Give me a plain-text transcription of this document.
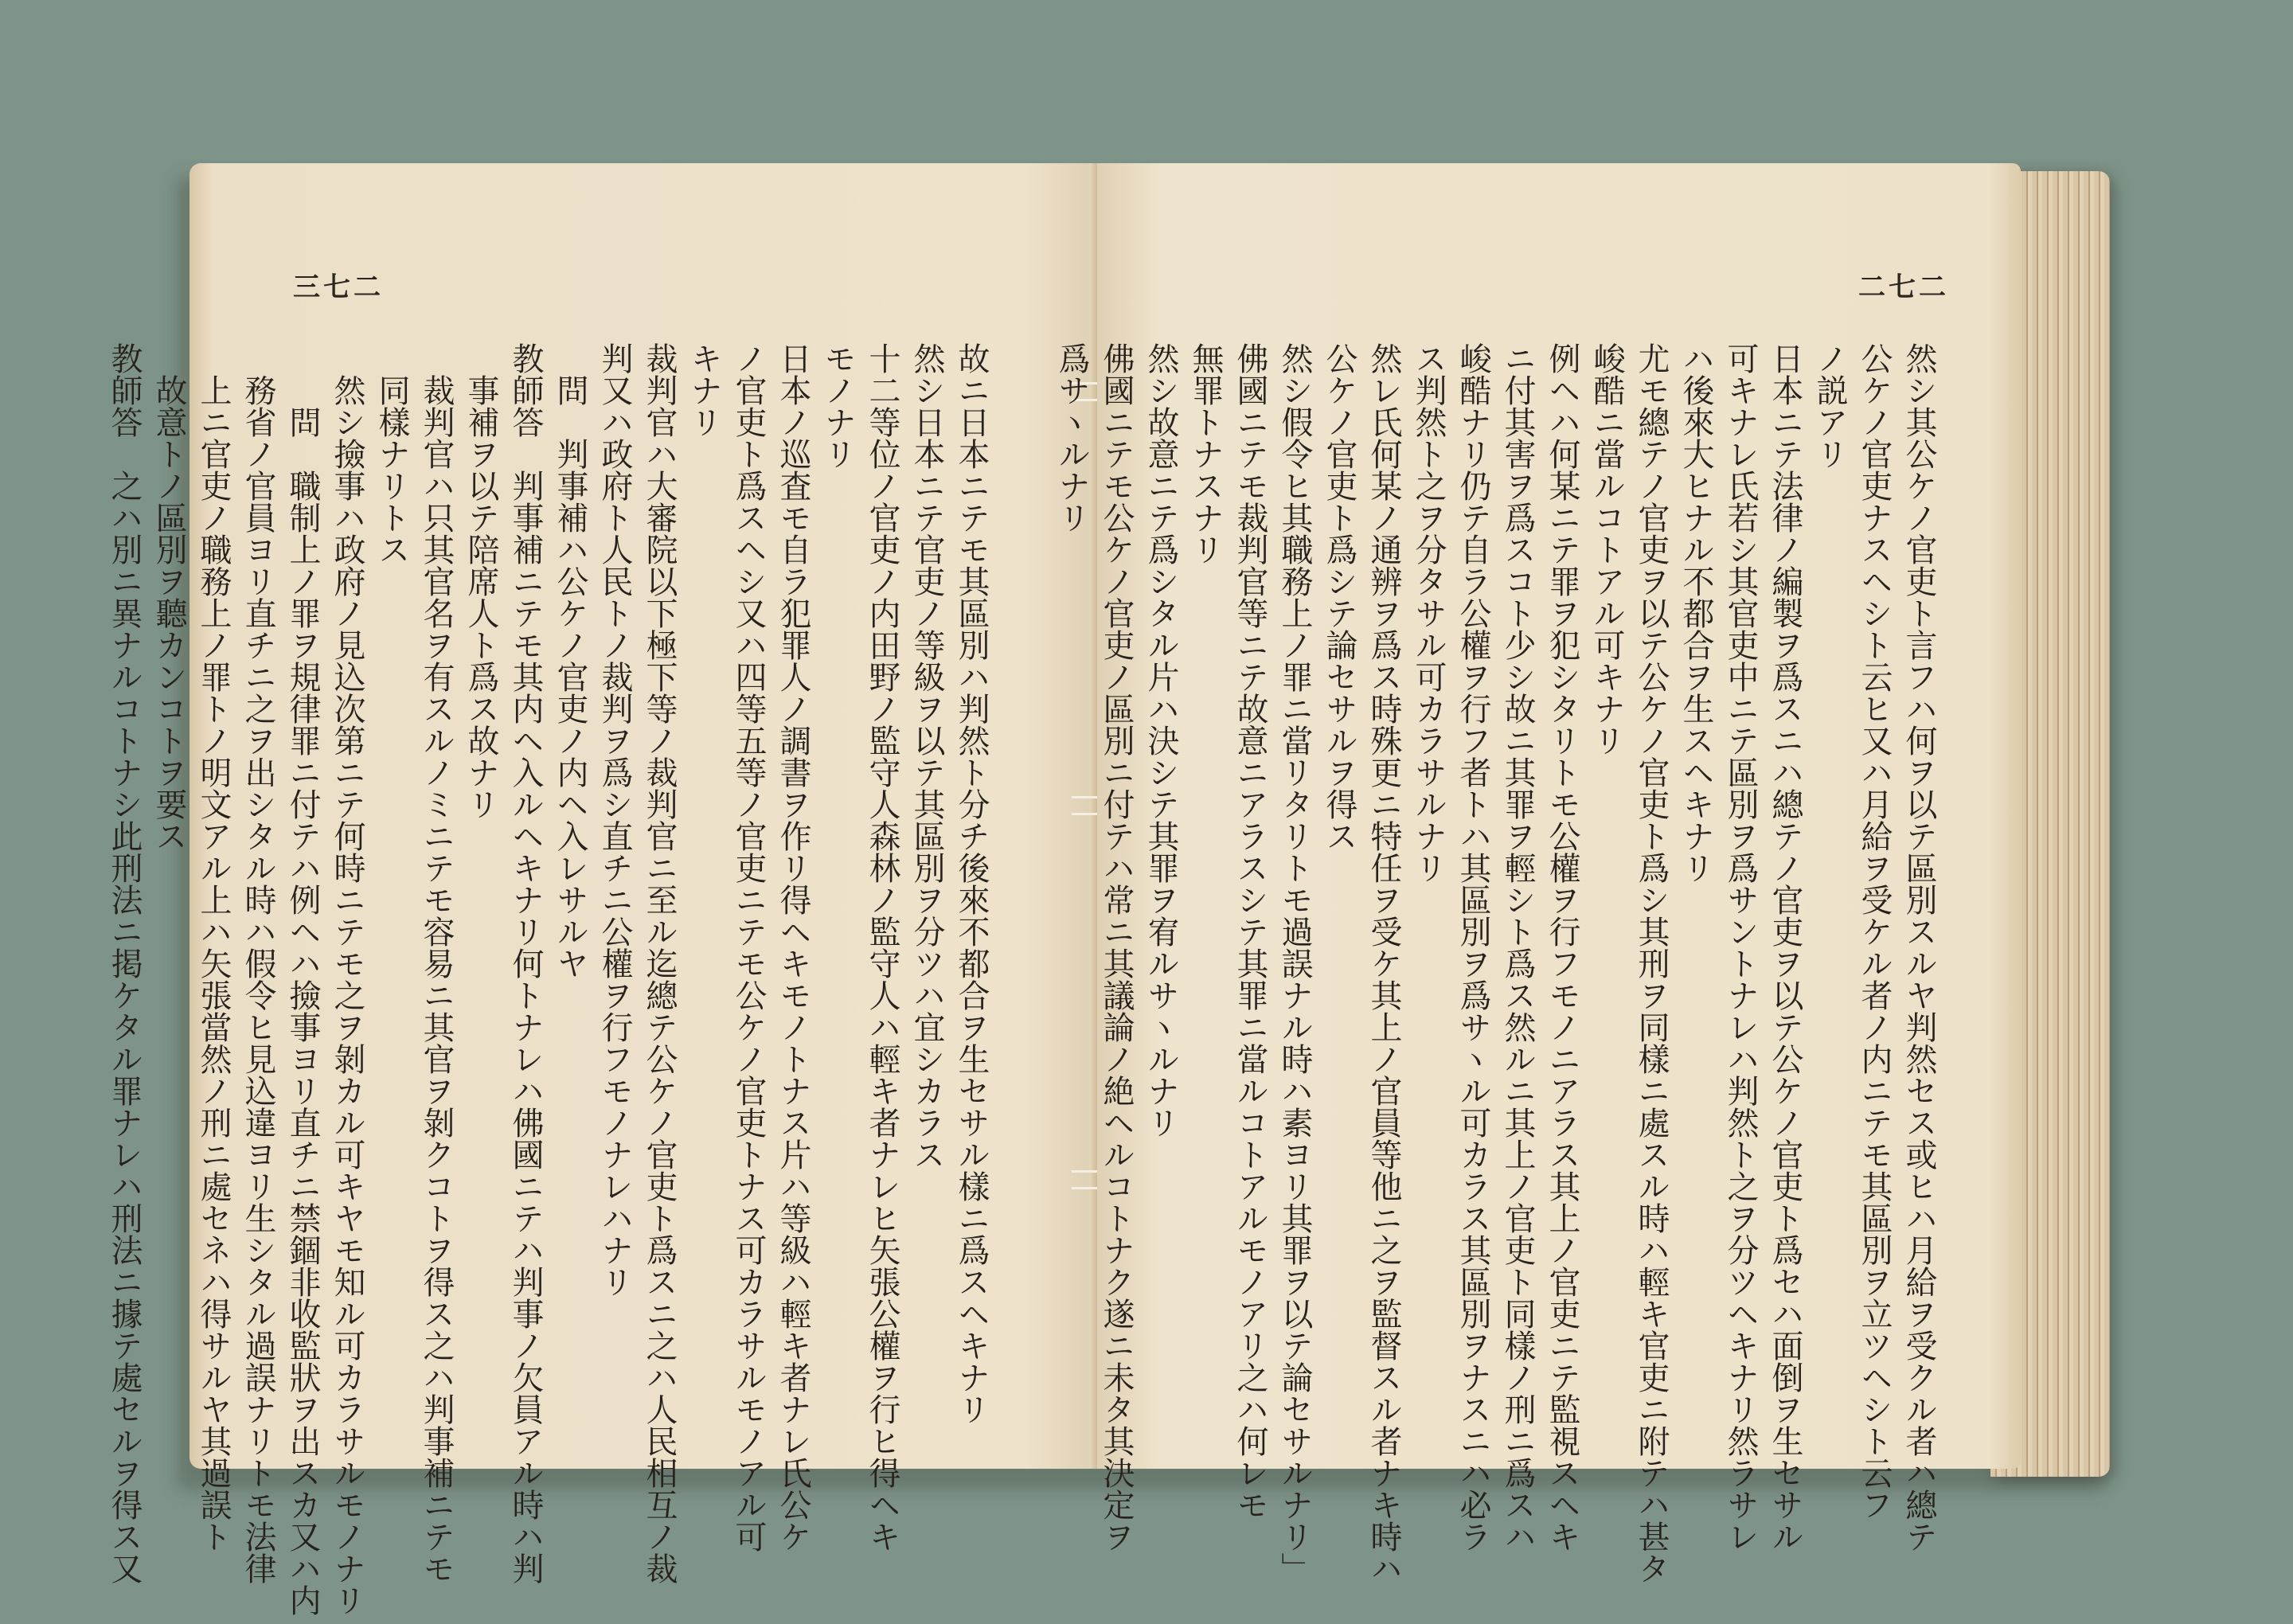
三七二
故ニ日本ニテモ其區別ハ判然ト分チ後來不都合ヲ生セサル樣ニ爲スヘキナリ
然シ日本ニテ官吏ノ等級ヲ以テ其區別ヲ分ツハ宜シカラス
十二等位ノ官吏ノ内田野ノ監守人森林ノ監守人ハ輕キ者ナレヒ矢張公權ヲ行ヒ得ヘキ
モノナリ
日本ノ巡査モ自ラ犯罪人ノ調書ヲ作リ得ヘキモノトナス片ハ等級ハ輕キ者ナレ氏公ケ
ノ官吏ト爲スヘシ又ハ四等五等ノ官吏ニテモ公ケノ官吏トナス可カラサルモノアル可
キナリ
裁判官ハ大審院以下極下等ノ裁判官ニ至ル迄總テ公ケノ官吏ト爲スニ之ハ人民相互ノ裁
判又ハ政府ト人民トノ裁判ヲ爲シ直チニ公權ヲ行フモノナレハナリ
問　判事補ハ公ケノ官吏ノ内ヘ入レサルヤ
教師答　判事補ニテモ其内ヘ入ルヘキナリ何トナレハ佛國ニテハ判事ノ欠員アル時ハ判
事補ヲ以テ陪席人ト爲ス故ナリ
裁判官ハ只其官名ヲ有スルノミニテモ容易ニ其官ヲ剝クコトヲ得ス之ハ判事補ニテモ
同樣ナリトス
然シ撿事ハ政府ノ見込次第ニテ何時ニテモ之ヲ剝カル可キヤモ知ル可カラサルモノナリ
問　職制上ノ罪ヲ規律罪ニ付テハ例ヘハ撿事ヨリ直チニ禁錮非收監狀ヲ出スカ又ハ内
務省ノ官員ヨリ直チニ之ヲ出シタル時ハ假令ヒ見込違ヨリ生シタル過誤ナリトモ法律
上ニ官吏ノ職務上ノ罪トノ明文アル上ハ矢張當然ノ刑ニ處セネハ得サルヤ其過誤ト
故意トノ區別ヲ聽カンコトヲ要ス
教師答　之ハ別ニ異ナルコトナシ此刑法ニ掲ケタル罪ナレハ刑法ニ據テ處セルヲ得ス又
二七二
然シ其公ケノ官吏ト言フハ何ヲ以テ區別スルヤ判然セス或ヒハ月給ヲ受クル者ハ總テ
公ケノ官吏ナスヘシト云ヒ又ハ月給ヲ受ケル者ノ内ニテモ其區別ヲ立ツヘシト云フ
ノ説アリ
日本ニテ法律ノ編製ヲ爲スニハ總テノ官吏ヲ以テ公ケノ官吏ト爲セハ面倒ヲ生セサル
可キナレ氏若シ其官吏中ニテ區別ヲ爲サントナレハ判然ト之ヲ分ツヘキナリ然ラサレ
ハ後來大ヒナル不都合ヲ生スヘキナリ
尤モ總テノ官吏ヲ以テ公ケノ官吏ト爲シ其刑ヲ同樣ニ處スル時ハ輕キ官吏ニ附テハ甚タ
峻酷ニ當ルコトアル可キナリ
例ヘハ何某ニテ罪ヲ犯シタリトモ公權ヲ行フモノニアラス其上ノ官吏ニテ監視スヘキ
ニ付其害ヲ爲スコト少シ故ニ其罪ヲ輕シト爲ス然ルニ其上ノ官吏ト同樣ノ刑ニ爲スハ
峻酷ナリ仍テ自ラ公權ヲ行フ者トハ其區別ヲ爲サヽル可カラス其區別ヲナスニハ必ラ
ス判然ト之ヲ分タサル可カラサルナリ
然レ氏何某ノ通辨ヲ爲ス時殊更ニ特任ヲ受ケ其上ノ官員等他ニ之ヲ監督スル者ナキ時ハ
公ケノ官吏ト爲シテ論セサルヲ得ス
然シ假令ヒ其職務上ノ罪ニ當リタリトモ過誤ナル時ハ素ヨリ其罪ヲ以テ論セサルナリ」
佛國ニテモ裁判官等ニテ故意ニアラスシテ其罪ニ當ルコトアルモノアリ之ハ何レモ
無罪トナスナリ
然シ故意ニテ爲シタル片ハ決シテ其罪ヲ宥ルサヽルナリ
佛國ニテモ公ケノ官吏ノ區別ニ付テハ常ニ其議論ノ絶ヘルコトナク遂ニ未タ其決定ヲ
爲サヽルナリ
